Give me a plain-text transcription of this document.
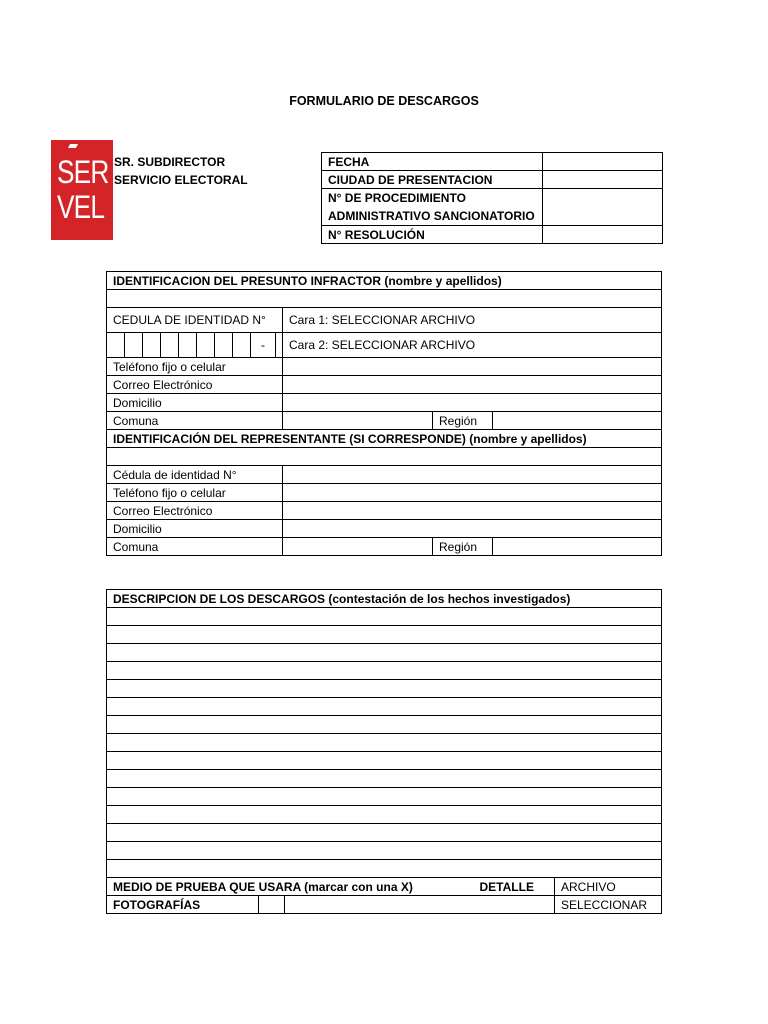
FORMULARIO DE DESCARGOS
SER
VEL
SR. SUBDIRECTOR
SERVICIO ELECTORAL
FECHA	
CIUDAD DE PRESENTACION	

N° DE PROCEDIMIENTO
ADMINISTRATIVO SANCIONATORIO	

N° RESOLUCIÓN	
IDENTIFICACION DEL PRESUNTO INFRACTOR (nombre y apellidos)			

CEDULA DE IDENTIDAD N°	Cara 1: SELECCIONAR ARCHIVO		

-	Cara 2: SELECCIONAR ARCHIVO		
Teléfono fijo o celular			
Correo Electrónico			
Domicilio			
Comuna		Región	
IDENTIFICACIÓN DEL REPRESENTANTE (SI CORRESPONDE) (nombre y apellidos)			

Cédula de identidad N°			
Teléfono fijo o celular			
Correo Electrónico			
Domicilio			
Comuna		Región	
DESCRIPCION DE LOS DESCARGOS (contestación de los hechos investigados)			

MEDIO DE PRUEBA QUE USARA (marcar con una X) DETALLE			ARCHIVO
FOTOGRAFÍAS			SELECCIONAR
